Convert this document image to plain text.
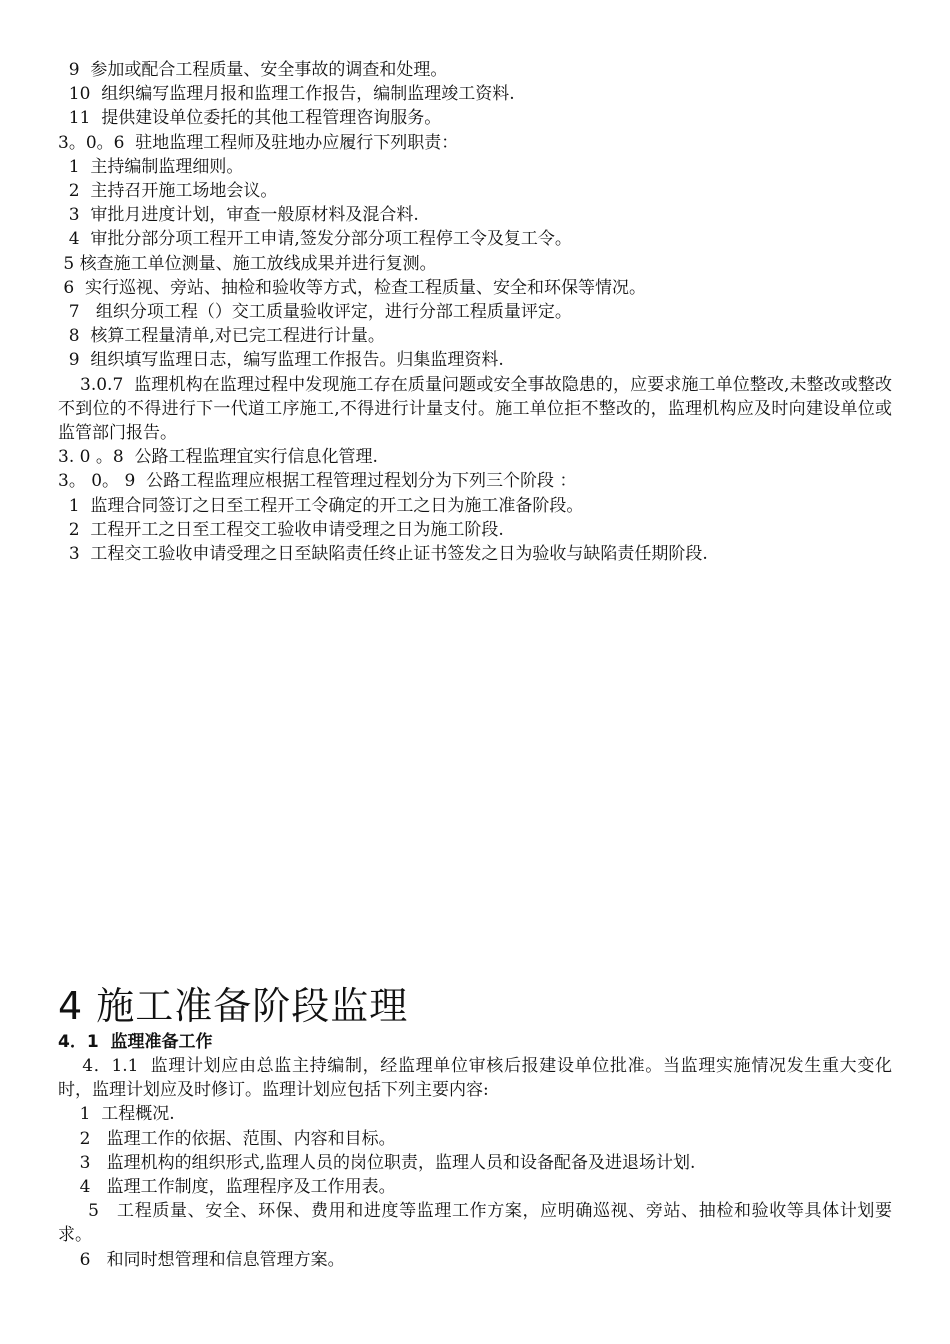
9  参加或配合工程质量、安全事故的调查和处理。
10  组织编写监理月报和监理工作报告，编制监理竣工资料.
11  提供建设单位委托的其他工程管理咨询服务。
3。0。6  驻地监理工程师及驻地办应履行下列职责：
1  主持编制监理细则。
2  主持召开施工场地会议。
3  审批月进度计划，审查一般原材料及混合料.
4  审批分部分项工程开工申请,签发分部分项工程停工令及复工令。
5 核查施工单位测量、施工放线成果并进行复测。
6  实行巡视、旁站、抽检和验收等方式，检查工程质量、安全和环保等情况。
7   组织分项工程（）交工质量验收评定，进行分部工程质量评定。
8  核算工程量清单,对已完工程进行计量。
9  组织填写监理日志，编写监理工作报告。归集监理资料.
3.0.7  监理机构在监理过程中发现施工存在质量问题或安全事故隐患的，应要求施工单位整改,未整改或整改不到位的不得进行下一代道工序施工,不得进行计量支付。施工单位拒不整改的，监理机构应及时向建设单位或监管部门报告。
3. 0 。8  公路工程监理宜实行信息化管理.
3。 0。 9  公路工程监理应根据工程管理过程划分为下列三个阶段 ：
1  监理合同签订之日至工程开工令确定的开工之日为施工准备阶段。
2  工程开工之日至工程交工验收申请受理之日为施工阶段.
3  工程交工验收申请受理之日至缺陷责任终止证书签发之日为验收与缺陷责任期阶段.
4 施工准备阶段监理
4．1  监理准备工作
4．1.1  监理计划应由总监主持编制，经监理单位审核后报建设单位批准。当监理实施情况发生重大变化时，监理计划应及时修订。监理计划应包括下列主要内容:
1  工程概况.
2   监理工作的依据、范围、内容和目标。
3   监理机构的组织形式,监理人员的岗位职责，监理人员和设备配备及进退场计划.
4   监理工作制度，监理程序及工作用表。
5   工程质量、安全、环保、费用和进度等监理工作方案，应明确巡视、旁站、抽检和验收等具体计划要求。
6   和同时想管理和信息管理方案。
